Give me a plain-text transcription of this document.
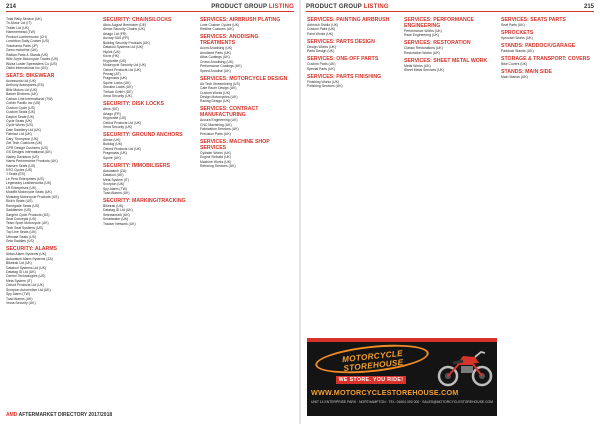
214	PRODUCT GROUP LISTING PRODUCT GROUP LISTING	215
Total Rally Service (UK)
Tri-Motor Ltd (IT)
Trailer Ltd (UK)
Hammerhead (TW)
Product Lumbermotor (CH)
Lunchbox Daily Cruiser (US)
Yokohama Parts (JP)
Zamo motorline (UK)
Radian Parts & Stands (UK)
Wiki Zoyle Motorcycle Trades (US)
Wizza Luster Speedsters Co (US)
Ostlin International Inc (US)
SEATS: BIKEWEAR
Accessoria Ltd (UK)
Anthony Autospares (ES)
Blitz Motors Ltd (UK)
Barker Brothers (UK)
Carbon Line International (TW)
Corbin Pacific Inc (US)
Custom Cycle (US)
Custom Seats (UK)
Dayton Seats (UK)
Cycle Seats (UK)
Cycle Works (US)
Dale Saddlery Ltd (UK)
Fabricut Ltd (UK)
Gary Thompson (UK)
Gel Tech Cushions (UK)
GPR Design Cushions (US)
GS Designs International (UK)
Harley Davidson (US)
Harris Performance Products (UK)
Hansen Seats (US)
KSG Cycles (US)
J Seats (ES)
Le Pera Enterprises (US)
Legendary Leatherworks (UK)
LR Enterprises (UK)
Motoflit Motorcycle Seats (UK)
Mustang Motorcycle Products (US)
Rick's Seats (US)
Renegade Seats (US)
Saddlemen (US)
Sargent Cycle Products (US)
Seat Concepts (US)
Team Sport Motorcycle (UK)
Tech Seat Systems (US)
Top Line Seats (UK)
Ultimate Seats (US)
Zeta Saddles (US)
SECURITY: ALARMS
Aldan Alarm Systems (UK)
Autowatch Alarm Systems (ZA)
Biketrak Ltd (UK)
Datatool Systems Ltd (UK)
Datatag ID Ltd (UK)
Gemini Technologies (US)
Meta System (IT)
Oxford Products Ltd (UK)
Scorpion Automotive Ltd (UK)
Spy Alarm (TW)
Toad Alarms (UK)
Vecta Security (UK)
SECURITY: CHAINS/LOCKS
Abus August Bremicker (DE)
Almax Security Chains (UK)
Artago Ltd (FR)
Auvray SAS (FR)
Bulldog Security Products (UK)
Datatool Systems Ltd (UK)
Hiplok (UK)
Kovix (HK)
Kryptonite (US)
Motorcycle Security Ltd (UK)
Oxford Products Ltd (UK)
Pewag (AT)
Pragmasis (UK)
Squire Locks (UK)
Stockist Locks (UK)
Trelock GmbH (DE)
Xena Security (UK)
SECURITY: DISK LOCKS
Abus (DE)
Artago (FR)
Kryptonite (US)
Oxford Products Ltd (UK)
Xena Security (UK)
SECURITY: GROUND ANCHORS
Almax (UK)
Bulldog (UK)
Oxford Products Ltd (UK)
Pragmasis (UK)
Squire (UK)
SECURITY: IMMOBILISERS
Autowatch (ZA)
Datatool (UK)
Meta System (IT)
Scorpion (UK)
Spy Alarm (TW)
Toad Alarms (UK)
SECURITY: MARKING/TRACKING
Biketrak (UK)
Datatag ID Ltd (UK)
Selectamark (UK)
Smartwater (UK)
Tracker Network (UK)
SERVICES: AIRBRUSH PLATING
Lone Custom Cycles (UK)
Redline Customs (UK)
SERVICES: ANODISING TREATMENTS
Acom Anodising (UK)
Anodised Parts (UK)
Atlas Coatings (UK)
Crown Anodising (UK)
Performance Coatings (UK)
Speed Anodise (UK)
SERVICES: MOTORCYCLE DESIGN
Air Tech Streamlining (US)
Cafe Racer Design (UK)
Custom Works (UK)
Design Motorcycles (UK)
Racing Design (UK)
SERVICES: CONTRACT MANUFACTURING
Accura Engineering (UK)
CNC Machining (UK)
Fabrication Services (UK)
Precision Parts (UK)
SERVICES: MACHINE SHOP SERVICES
Cylinder Works (UK)
Engine Rebuild (UK)
Machine Works (UK)
Reboring Services (UK)
SERVICES: PAINTING AIRBRUSH
Airbrush Studio (UK)
Custom Paint (UK)
Paint Works (UK)
SERVICES: PARTS DESIGN
Design Works (UK)
Parts Design (UK)
SERVICES: ONE-OFF PARTS
Custom Parts (UK)
Special Parts (UK)
SERVICES: PARTS FINISHING
Finishing Works (UK)
Polishing Services (UK)
SERVICES: PERFORMANCE ENGINEERING
Performance Works (UK)
Race Engineering (UK)
SERVICES: RESTORATION
Classic Restorations (UK)
Restoration Works (UK)
SERVICES: SHEET METAL WORK
Metal Works (UK)
Sheet Metal Services (UK)
SERVICES: SEATS PARTS
Seat Parts (UK)
SPROCKETS
Sprocket Works (UK)
STANDS: PADDOCK/GARAGE
Paddock Stands (UK)
STORAGE & TRANSPORT: COVERS
Bike Covers (UK)
STANDS: MAIN SIDE
Main Stands (UK)
AMD AFTERMARKET DIRECTORY 2017/2018
MOTORCYCLE STOREHOUSE
WE STORE. YOU RIDE!
WWW.MOTORCYCLESTOREHOUSE.COM
UNIT 14 ENTERPRISE PARK · NORTHAMPTON · TEL: 01604 000 000 · SALES@MOTORCYCLESTOREHOUSE.COM
